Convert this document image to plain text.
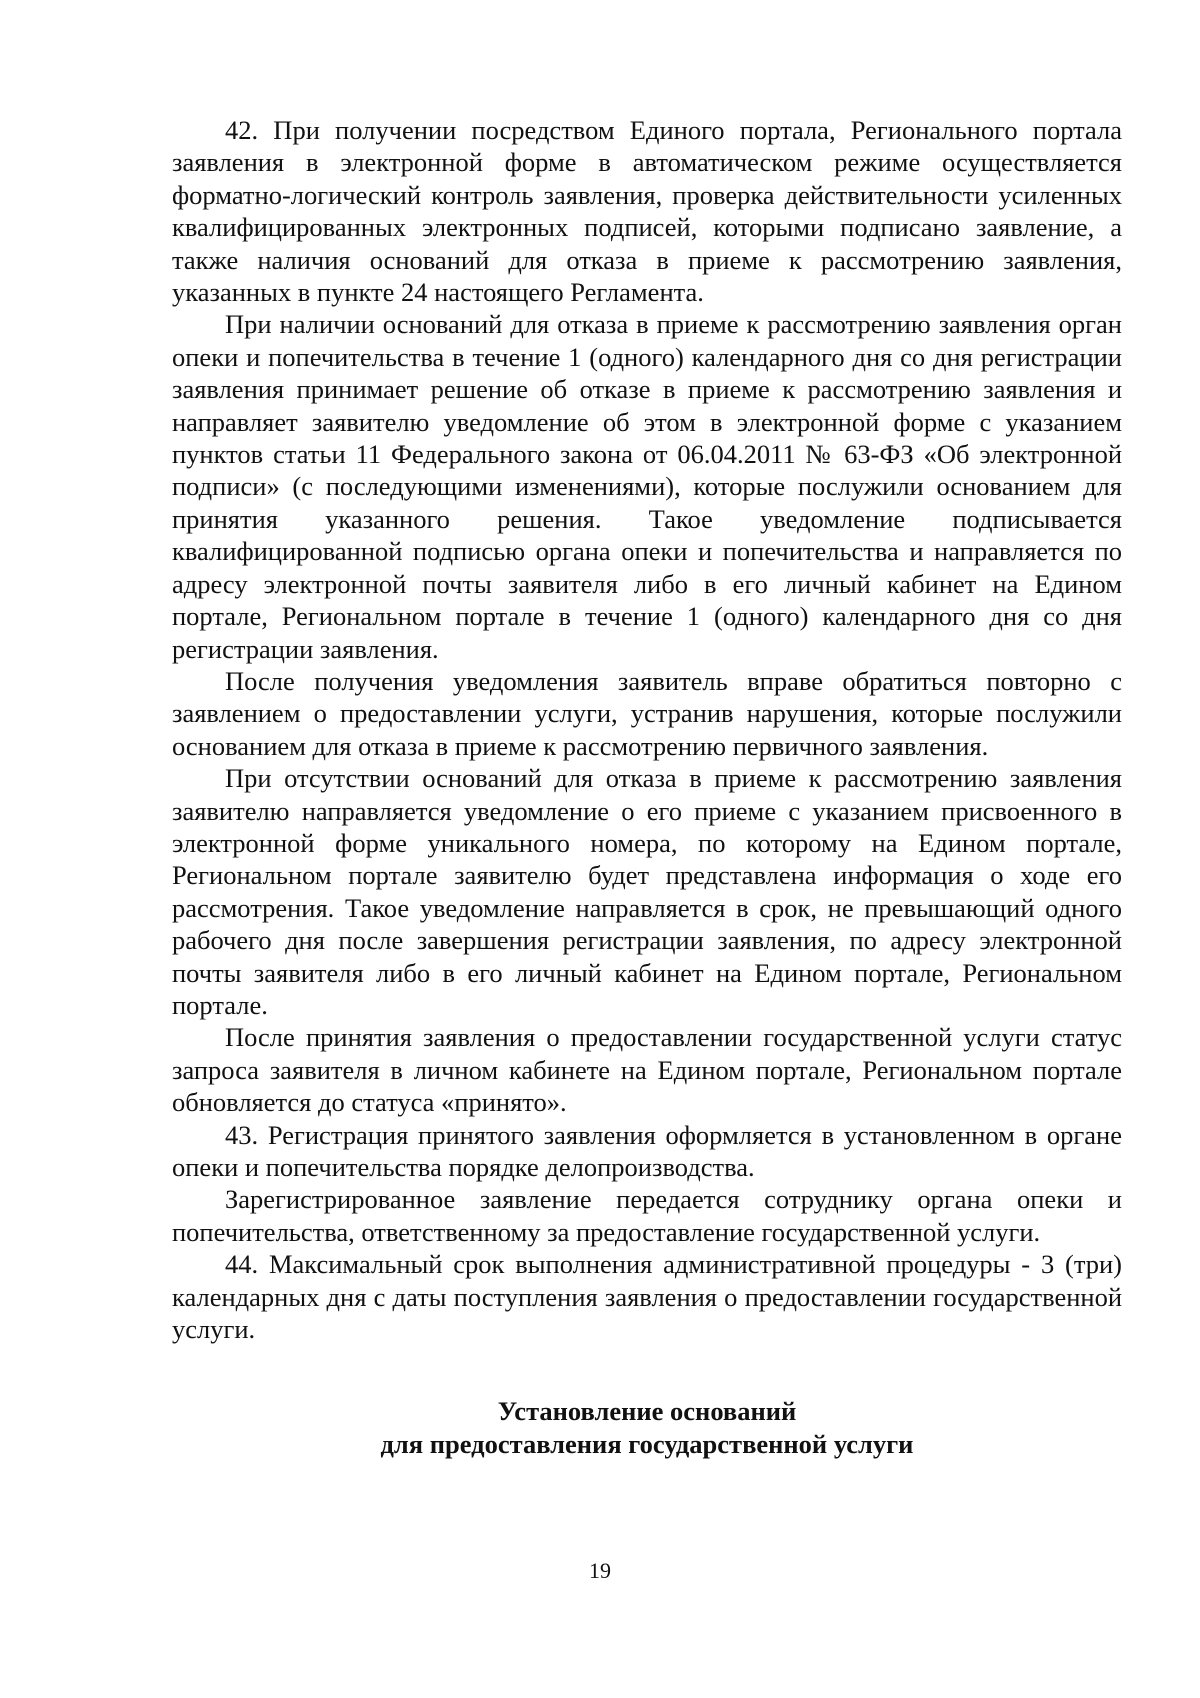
42. При получении посредством Единого портала, Регионального портала заявления в электронной форме в автоматическом режиме осуществляется форматно-логический контроль заявления, проверка действительности усиленных квалифицированных электронных подписей, которыми подписано заявление, а также наличия оснований для отказа в приеме к рассмотрению заявления, указанных в пункте 24 настоящего Регламента.

При наличии оснований для отказа в приеме к рассмотрению заявления орган опеки и попечительства в течение 1 (одного) календарного дня со дня регистрации заявления принимает решение об отказе в приеме к рассмотрению заявления и направляет заявителю уведомление об этом в электронной форме с указанием пунктов статьи 11 Федерального закона от 06.04.2011 № 63-ФЗ «Об электронной подписи» (с последующими изменениями), которые послужили основанием для принятия указанного решения. Такое уведомление подписывается квалифицированной подписью органа опеки и попечительства и направляется по адресу электронной почты заявителя либо в его личный кабинет на Едином портале, Региональном портале в течение 1 (одного) календарного дня со дня регистрации заявления.

После получения уведомления заявитель вправе обратиться повторно с заявлением о предоставлении услуги, устранив нарушения, которые послужили основанием для отказа в приеме к рассмотрению первичного заявления.

При отсутствии оснований для отказа в приеме к рассмотрению заявления заявителю направляется уведомление о его приеме с указанием присвоенного в электронной форме уникального номера, по которому на Едином портале, Региональном портале заявителю будет представлена информация о ходе его рассмотрения. Такое уведомление направляется в срок, не превышающий одного рабочего дня после завершения регистрации заявления, по адресу электронной почты заявителя либо в его личный кабинет на Едином портале, Региональном портале.

После принятия заявления о предоставлении государственной услуги статус запроса заявителя в личном кабинете на Едином портале, Региональном портале обновляется до статуса «принято».

43. Регистрация принятого заявления оформляется в установленном в органе опеки и попечительства порядке делопроизводства.

Зарегистрированное заявление передается сотруднику органа опеки и попечительства, ответственному за предоставление государственной услуги.

44. Максимальный срок выполнения административной процедуры - 3 (три) календарных дня с даты поступления заявления о предоставлении государственной услуги.

Установление оснований

для предоставления государственной услуги

19
